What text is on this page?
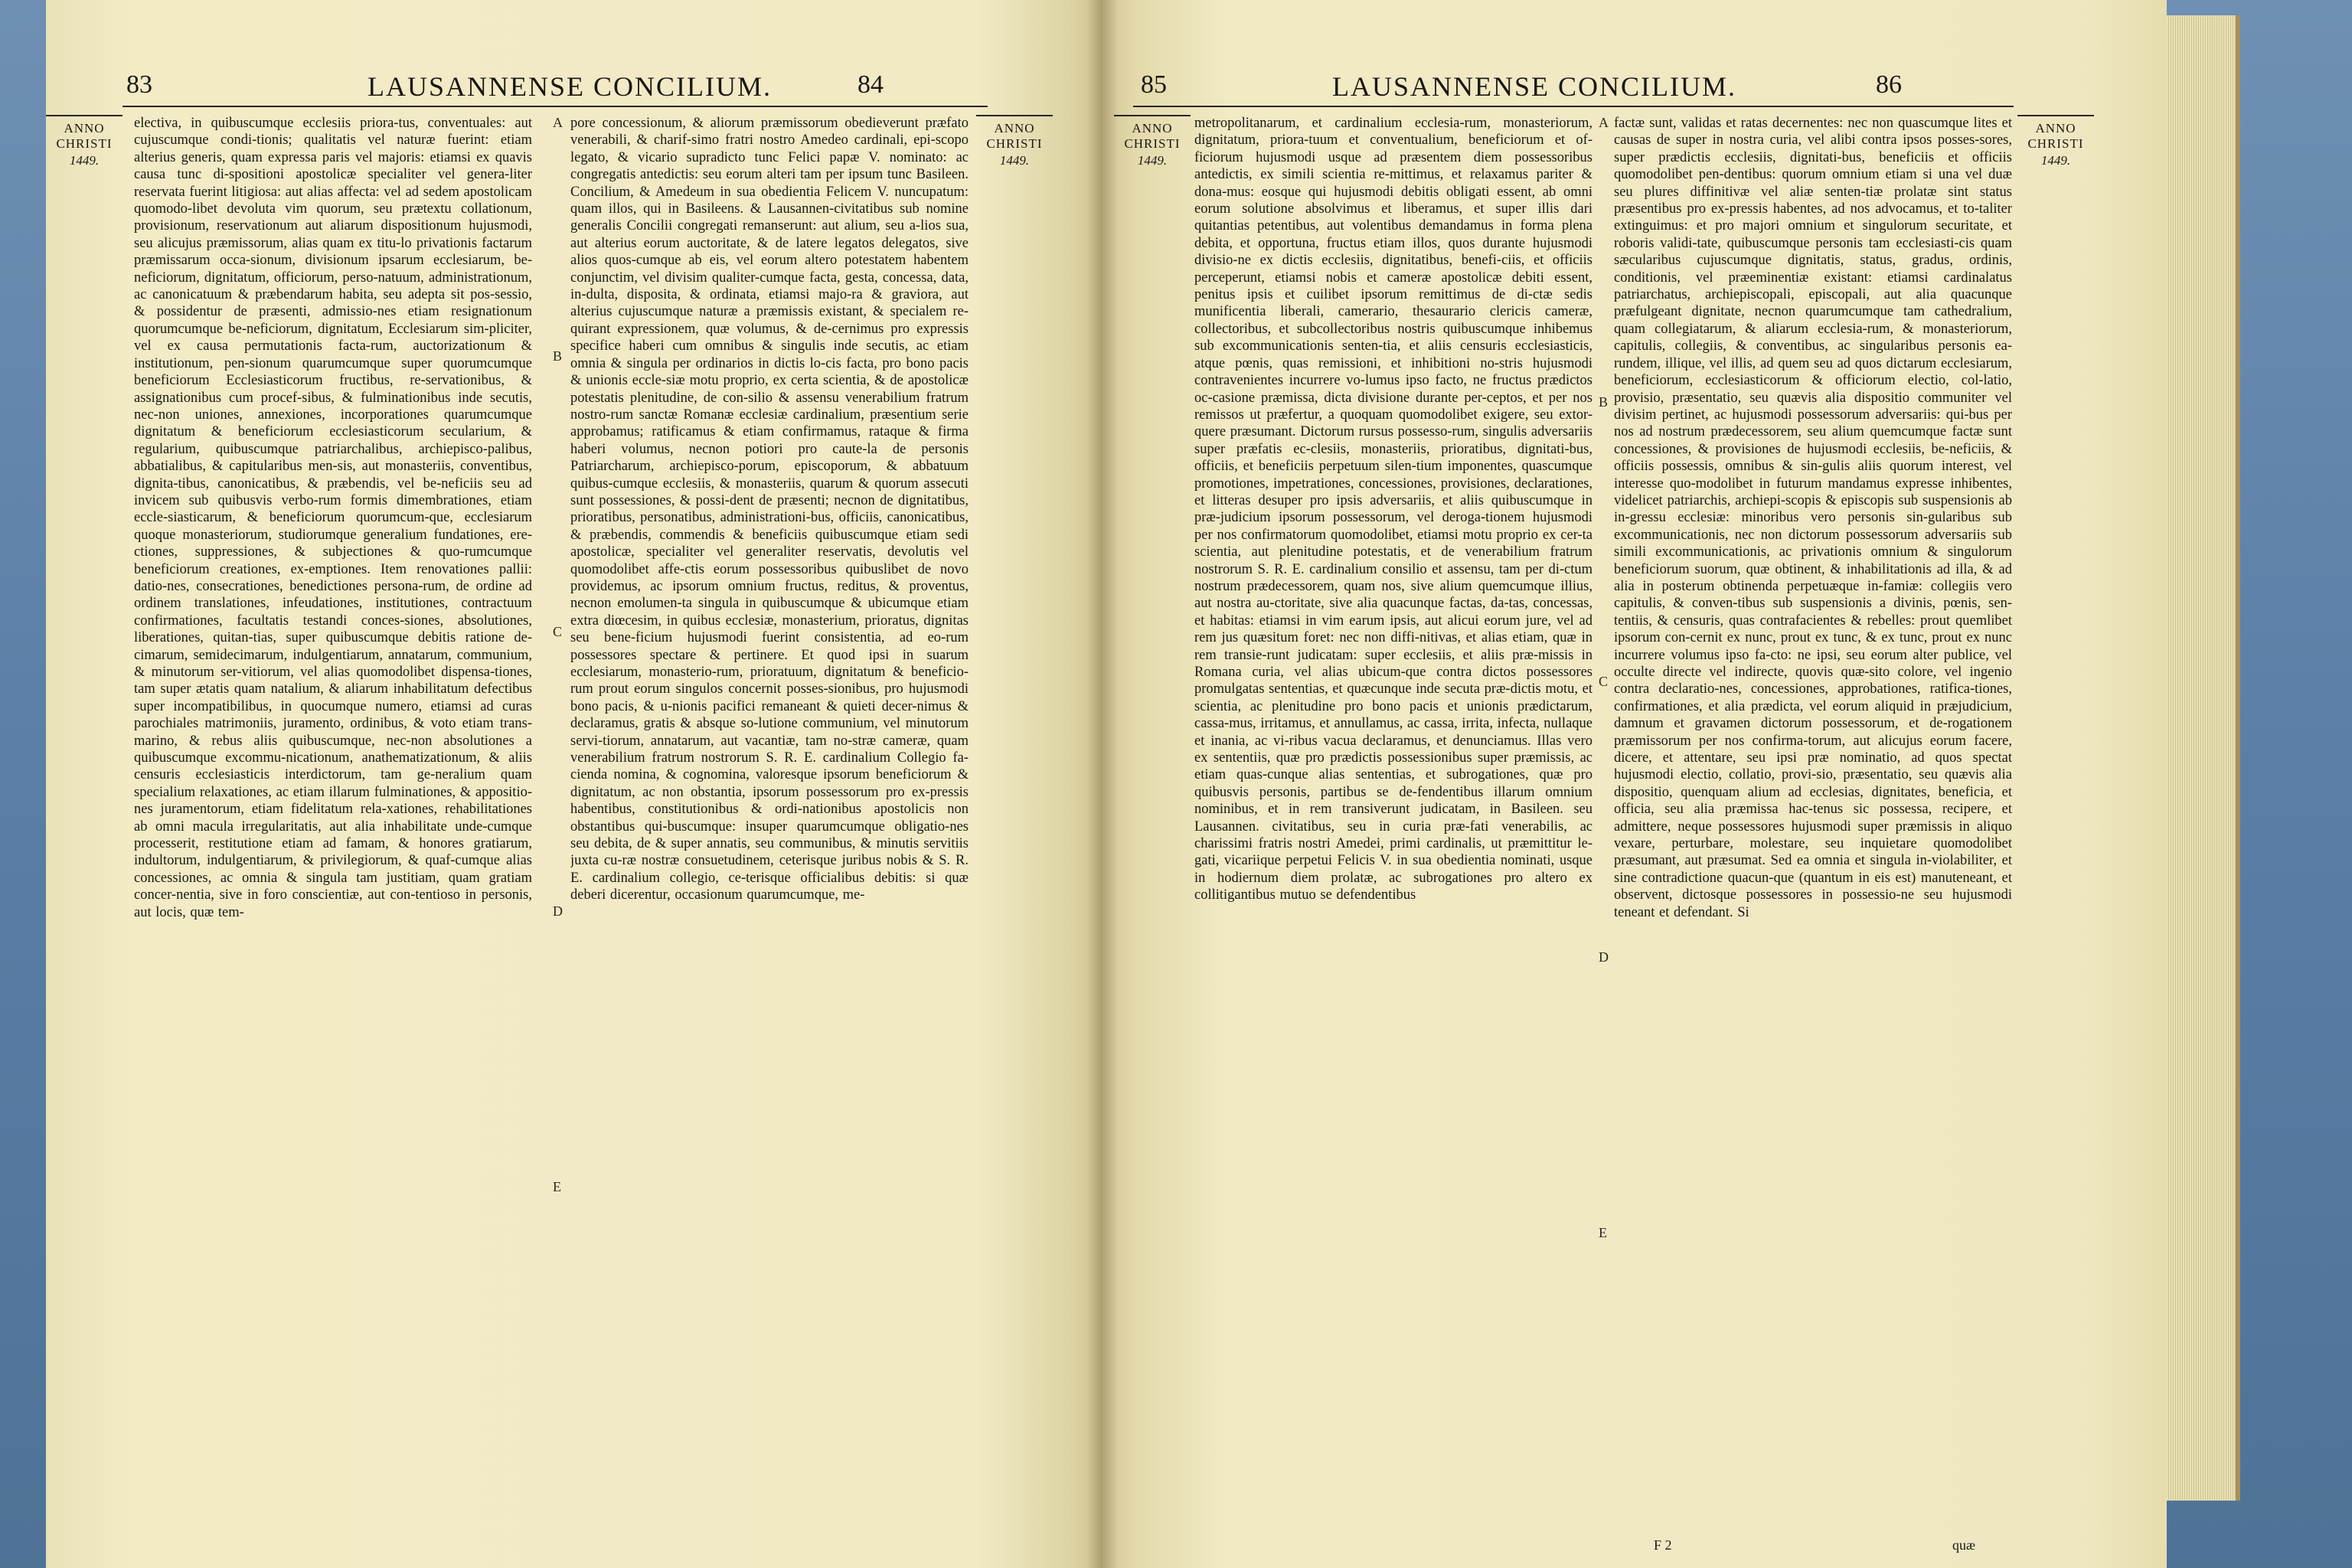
83	LAUSANNENSE CONCILIUM.	84
ANNO
CHRISTI
1449.
electiva, in quibuscumque ecclesiis priora-tus, conventuales: aut cujuscumque condi-tionis; qualitatis vel naturæ fuerint: etiam alterius generis, quam expressa paris vel majoris: etiamsi ex quavis causa tunc di-spositioni apostolicæ specialiter vel genera-liter reservata fuerint litigiosa: aut alias affecta: vel ad sedem apostolicam quomodo-libet devoluta vim quorum, seu prætextu collationum, provisionum, reservationum aut aliarum dispositionum hujusmodi, seu alicujus præmissorum, alias quam ex titu-lo privationis factarum præmissarum occa-sionum, divisionum ipsarum ecclesiarum, be-neficiorum, dignitatum, officiorum, perso-natuum, administrationum, ac canonicatuum & præbendarum habita, seu adepta sit pos-sessio, & possidentur de præsenti, admissio-nes etiam resignationum quorumcumque be-neficiorum, dignitatum, Ecclesiarum sim-pliciter, vel ex causa permutationis facta-rum, auctorizationum & institutionum, pen-sionum quarumcumque super quorumcumque beneficiorum Ecclesiasticorum fructibus, re-servationibus, & assignationibus cum procef-sibus, & fulminationibus inde secutis, nec-non uniones, annexiones, incorporationes quarumcumque dignitatum & beneficiorum ecclesiasticorum secularium, & regularium, quibuscumque patriarchalibus, archiepisco-palibus, abbatialibus, & capitularibus men-sis, aut monasteriis, conventibus, dignita-tibus, canonicatibus, & præbendis, vel be-neficiis seu ad invicem sub quibusvis verbo-rum formis dimembrationes, etiam eccle-siasticarum, & beneficiorum quorumcum-que, ecclesiarum quoque monasteriorum, studiorumque generalium fundationes, ere-ctiones, suppressiones, & subjectiones & quo-rumcumque beneficiorum creationes, ex-emptiones. Item renovationes pallii: datio-nes, consecrationes, benedictiones persona-rum, de ordine ad ordinem translationes, infeudationes, institutiones, contractuum confirmationes, facultatis testandi conces-siones, absolutiones, liberationes, quitan-tias, super quibuscumque debitis ratione de-cimarum, semidecimarum, indulgentiarum, annatarum, communium, & minutorum ser-vitiorum, vel alias quomodolibet dispensa-tiones, tam super ætatis quam natalium, & aliarum inhabilitatum defectibus super incompatibilibus, in quocumque numero, etiamsi ad curas parochiales matrimoniis, juramento, ordinibus, & voto etiam trans-marino, & rebus aliis quibuscumque, nec-non absolutiones a quibuscumque excommu-nicationum, anathematizationum, & aliis censuris ecclesiasticis interdictorum, tam ge-neralium quam specialium relaxationes, ac etiam illarum fulminationes, & appositio-nes juramentorum, etiam fidelitatum rela-xationes, rehabilitationes ab omni macula irregularitatis, aut alia inhabilitate unde-cumque processerit, restitutione etiam ad famam, & honores gratiarum, indultorum, indulgentiarum, & privilegiorum, & quaf-cumque alias concessiones, ac omnia & singula tam justitiam, quam gratiam concer-nentia, sive in foro conscientiæ, aut con-tentioso in personis, aut locis, quæ tem-
A
B
C
D
E
pore concessionum, & aliorum præmissorum obedieverunt præfato venerabili, & charif-simo fratri nostro Amedeo cardinali, epi-scopo legato, & vicario supradicto tunc Felici papæ V. nominato: ac congregatis antedictis: seu eorum alteri tam per ipsum tunc Basileen. Concilium, & Amedeum in sua obedientia Felicem V. nuncupatum: quam illos, qui in Basileens. & Lausannen-civitatibus sub nomine generalis Concilii congregati remanserunt: aut alium, seu a-lios sua, aut alterius eorum auctoritate, & de latere legatos delegatos, sive alios quos-cumque ab eis, vel eorum altero potestatem habentem conjunctim, vel divisim qualiter-cumque facta, gesta, concessa, data, in-dulta, disposita, & ordinata, etiamsi majo-ra & graviora, aut alterius cujuscumque naturæ a præmissis existant, & specialem re-quirant expressionem, quæ volumus, & de-cernimus pro expressis specifice haberi cum omnibus & singulis inde secutis, ac etiam omnia & singula per ordinarios in dictis lo-cis facta, pro bono pacis & unionis eccle-siæ motu proprio, ex certa scientia, & de apostolicæ potestatis plenitudine, de con-silio & assensu venerabilium fratrum nostro-rum sanctæ Romanæ ecclesiæ cardinalium, præsentium serie approbamus; ratificamus & etiam confirmamus, rataque & firma haberi volumus, necnon potiori pro caute-la de personis Patriarcharum, archiepisco-porum, episcoporum, & abbatuum quibus-cumque ecclesiis, & monasteriis, quarum & quorum assecuti sunt possessiones, & possi-dent de præsenti; necnon de dignitatibus, prioratibus, personatibus, administrationi-bus, officiis, canonicatibus, & præbendis, commendis & beneficiis quibuscumque etiam sedi apostolicæ, specialiter vel generaliter reservatis, devolutis vel quomodolibet affe-ctis eorum possessoribus quibuslibet de novo providemus, ac ipsorum omnium fructus, reditus, & proventus, necnon emolumen-ta singula in quibuscumque & ubicumque etiam extra diœcesim, in quibus ecclesiæ, monasterium, prioratus, dignitas seu bene-ficium hujusmodi fuerint consistentia, ad eo-rum possessores spectare & pertinere. Et quod ipsi in suarum ecclesiarum, monasterio-rum, prioratuum, dignitatum & beneficio-rum prout eorum singulos concernit posses-sionibus, pro hujusmodi bono pacis, & u-nionis pacifici remaneant & quieti decer-nimus & declaramus, gratis & absque so-lutione communium, vel minutorum servi-tiorum, annatarum, aut vacantiæ, tam no-stræ cameræ, quam venerabilium fratrum nostrorum S. R. E. cardinalium Collegio fa-cienda nomina, & cognomina, valoresque ipsorum beneficiorum & dignitatum, ac non obstantia, ipsorum possessorum pro ex-pressis habentibus, constitutionibus & ordi-nationibus apostolicis non obstantibus qui-buscumque: insuper quarumcumque obligatio-nes seu debita, de & super annatis, seu communibus, & minutis servitiis juxta cu-ræ nostræ consuetudinem, ceterisque juribus nobis & S. R. E. cardinalium collegio, ce-terisque officialibus debitis: si quæ deberi dicerentur, occasionum quarumcumque, me-
ANNO
CHRISTI
1449.
85	LAUSANNENSE CONCILIUM.	86
ANNO
CHRISTI
1449.
metropolitanarum, et cardinalium ecclesia-rum, monasteriorum, dignitatum, priora-tuum et conventualium, beneficiorum et of-ficiorum hujusmodi usque ad præsentem diem possessoribus antedictis, ex simili scientia re-mittimus, et relaxamus pariter & dona-mus: eosque qui hujusmodi debitis obligati essent, ab omni eorum solutione absolvimus et liberamus, et super illis dari quitantias petentibus, aut volentibus demandamus in forma plena debita, et opportuna, fructus etiam illos, quos durante hujusmodi divisio-ne ex dictis ecclesiis, dignitatibus, benefi-ciis, et officiis perceperunt, etiamsi nobis et cameræ apostolicæ debiti essent, penitus ipsis et cuilibet ipsorum remittimus de di-ctæ sedis munificentia liberali, camerario, thesaurario clericis cameræ, collectoribus, et subcollectoribus nostris quibuscumque inhibemus sub excommunicationis senten-tia, et aliis censuris ecclesiasticis, atque pœnis, quas remissioni, et inhibitioni no-stris hujusmodi contravenientes incurrere vo-lumus ipso facto, ne fructus prædictos oc-casione præmissa, dicta divisione durante per-ceptos, et per nos remissos ut præfertur, a quoquam quomodolibet exigere, seu extor-quere præsumant. Dictorum rursus possesso-rum, singulis adversariis super præfatis ec-clesiis, monasteriis, prioratibus, dignitati-bus, officiis, et beneficiis perpetuum silen-tium imponentes, quascumque promotiones, impetrationes, concessiones, provisiones, declarationes, et litteras desuper pro ipsis adversariis, et aliis quibuscumque in præ-judicium ipsorum possessorum, vel deroga-tionem hujusmodi per nos confirmatorum quomodolibet, etiamsi motu proprio ex cer-ta scientia, aut plenitudine potestatis, et de venerabilium fratrum nostrorum S. R. E. cardinalium consilio et assensu, tam per di-ctum nostrum prædecessorem, quam nos, sive alium quemcumque illius, aut nostra au-ctoritate, sive alia quacunque factas, da-tas, concessas, et habitas: etiamsi in vim earum ipsis, aut alicui eorum jure, vel ad rem jus quæsitum foret: nec non diffi-nitivas, et alias etiam, quæ in rem transie-runt judicatam: super ecclesiis, et aliis præ-missis in Romana curia, vel alias ubicum-que contra dictos possessores promulgatas sententias, et quæcunque inde secuta præ-dictis motu, et scientia, ac plenitudine pro bono pacis et unionis prædictarum, cassa-mus, irritamus, et annullamus, ac cassa, irrita, infecta, nullaque et inania, ac vi-ribus vacua declaramus, et denunciamus. Illas vero ex sententiis, quæ pro prædictis possessionibus super præmissis, ac etiam quas-cunque alias sententias, et subrogationes, quæ pro quibusvis personis, partibus se de-fendentibus illarum omnium nominibus, et in rem transiverunt judicatam, in Basileen. seu Lausannen. civitatibus, seu in curia præ-fati venerabilis, ac charissimi fratris nostri Amedei, primi cardinalis, ut præmittitur le-gati, vicariique perpetui Felicis V. in sua obedientia nominati, usque in hodiernum diem prolatæ, ac subrogationes pro altero ex collitigantibus mutuo se defendentibus
A
B
C
D
E
factæ sunt, validas et ratas decernentes: nec non quascumque lites et causas de super in nostra curia, vel alibi contra ipsos posses-sores, super prædictis ecclesiis, dignitati-bus, beneficiis et officiis quomodolibet pen-dentibus: quorum omnium etiam si una vel duæ seu plures diffinitivæ vel aliæ senten-tiæ prolatæ sint status præsentibus pro ex-pressis habentes, ad nos advocamus, et to-taliter extinguimus: et pro majori omnium et singulorum securitate, et roboris validi-tate, quibuscumque personis tam ecclesiasti-cis quam sæcularibus cujuscumque dignitatis, status, gradus, ordinis, conditionis, vel præeminentiæ existant: etiamsi cardinalatus patriarchatus, archiepiscopali, episcopali, aut alia quacunque præfulgeant dignitate, necnon quarumcumque tam cathedralium, quam collegiatarum, & aliarum ecclesia-rum, & monasteriorum, capitulis, collegiis, & conventibus, ac singularibus personis ea-rundem, illique, vel illis, ad quem seu ad quos dictarum ecclesiarum, beneficiorum, ecclesiasticorum & officiorum electio, col-latio, provisio, præsentatio, seu quævis alia dispositio communiter vel divisim pertinet, ac hujusmodi possessorum adversariis: qui-bus per nos ad nostrum prædecessorem, seu alium quemcumque factæ sunt concessiones, & provisiones de hujusmodi ecclesiis, be-neficiis, & officiis possessis, omnibus & sin-gulis aliis quorum interest, vel interesse quo-modolibet in futurum mandamus expresse inhibentes, videlicet patriarchis, archiepi-scopis & episcopis sub suspensionis ab in-gressu ecclesiæ: minoribus vero personis sin-gularibus sub excommunicationis, nec non dictorum possessorum adversariis sub simili excommunicationis, ac privationis omnium & singulorum beneficiorum suorum, quæ obtinent, & inhabilitationis ad illa, & ad alia in posterum obtinenda perpetuæque in-famiæ: collegiis vero capitulis, & conven-tibus sub suspensionis a divinis, pœnis, sen-tentiis, & censuris, quas contrafacientes & rebelles: prout quemlibet ipsorum con-cernit ex nunc, prout ex tunc, & ex tunc, prout ex nunc incurrere volumus ipso fa-cto: ne ipsi, seu eorum alter publice, vel occulte directe vel indirecte, quovis quæ-sito colore, vel ingenio contra declaratio-nes, concessiones, approbationes, ratifica-tiones, confirmationes, et alia prædicta, vel eorum aliquid in præjudicium, damnum et gravamen dictorum possessorum, et de-rogationem præmissorum per nos confirma-torum, aut alicujus eorum facere, dicere, et attentare, seu ipsi præ nominatio, ad quos spectat hujusmodi electio, collatio, provi-sio, præsentatio, seu quævis alia dispositio, quenquam alium ad ecclesias, dignitates, beneficia, et officia, seu alia præmissa hac-tenus sic possessa, recipere, et admittere, neque possessores hujusmodi super præmissis in aliquo vexare, perturbare, molestare, seu inquietare quomodolibet præsumant, aut præsumat. Sed ea omnia et singula in-violabiliter, et sine contradictione quacun-que (quantum in eis est) manuteneant, et observent, dictosque possessores in possessio-ne seu hujusmodi teneant et defendant. Si
ANNO
CHRISTI
1449.
F 2	quæ
